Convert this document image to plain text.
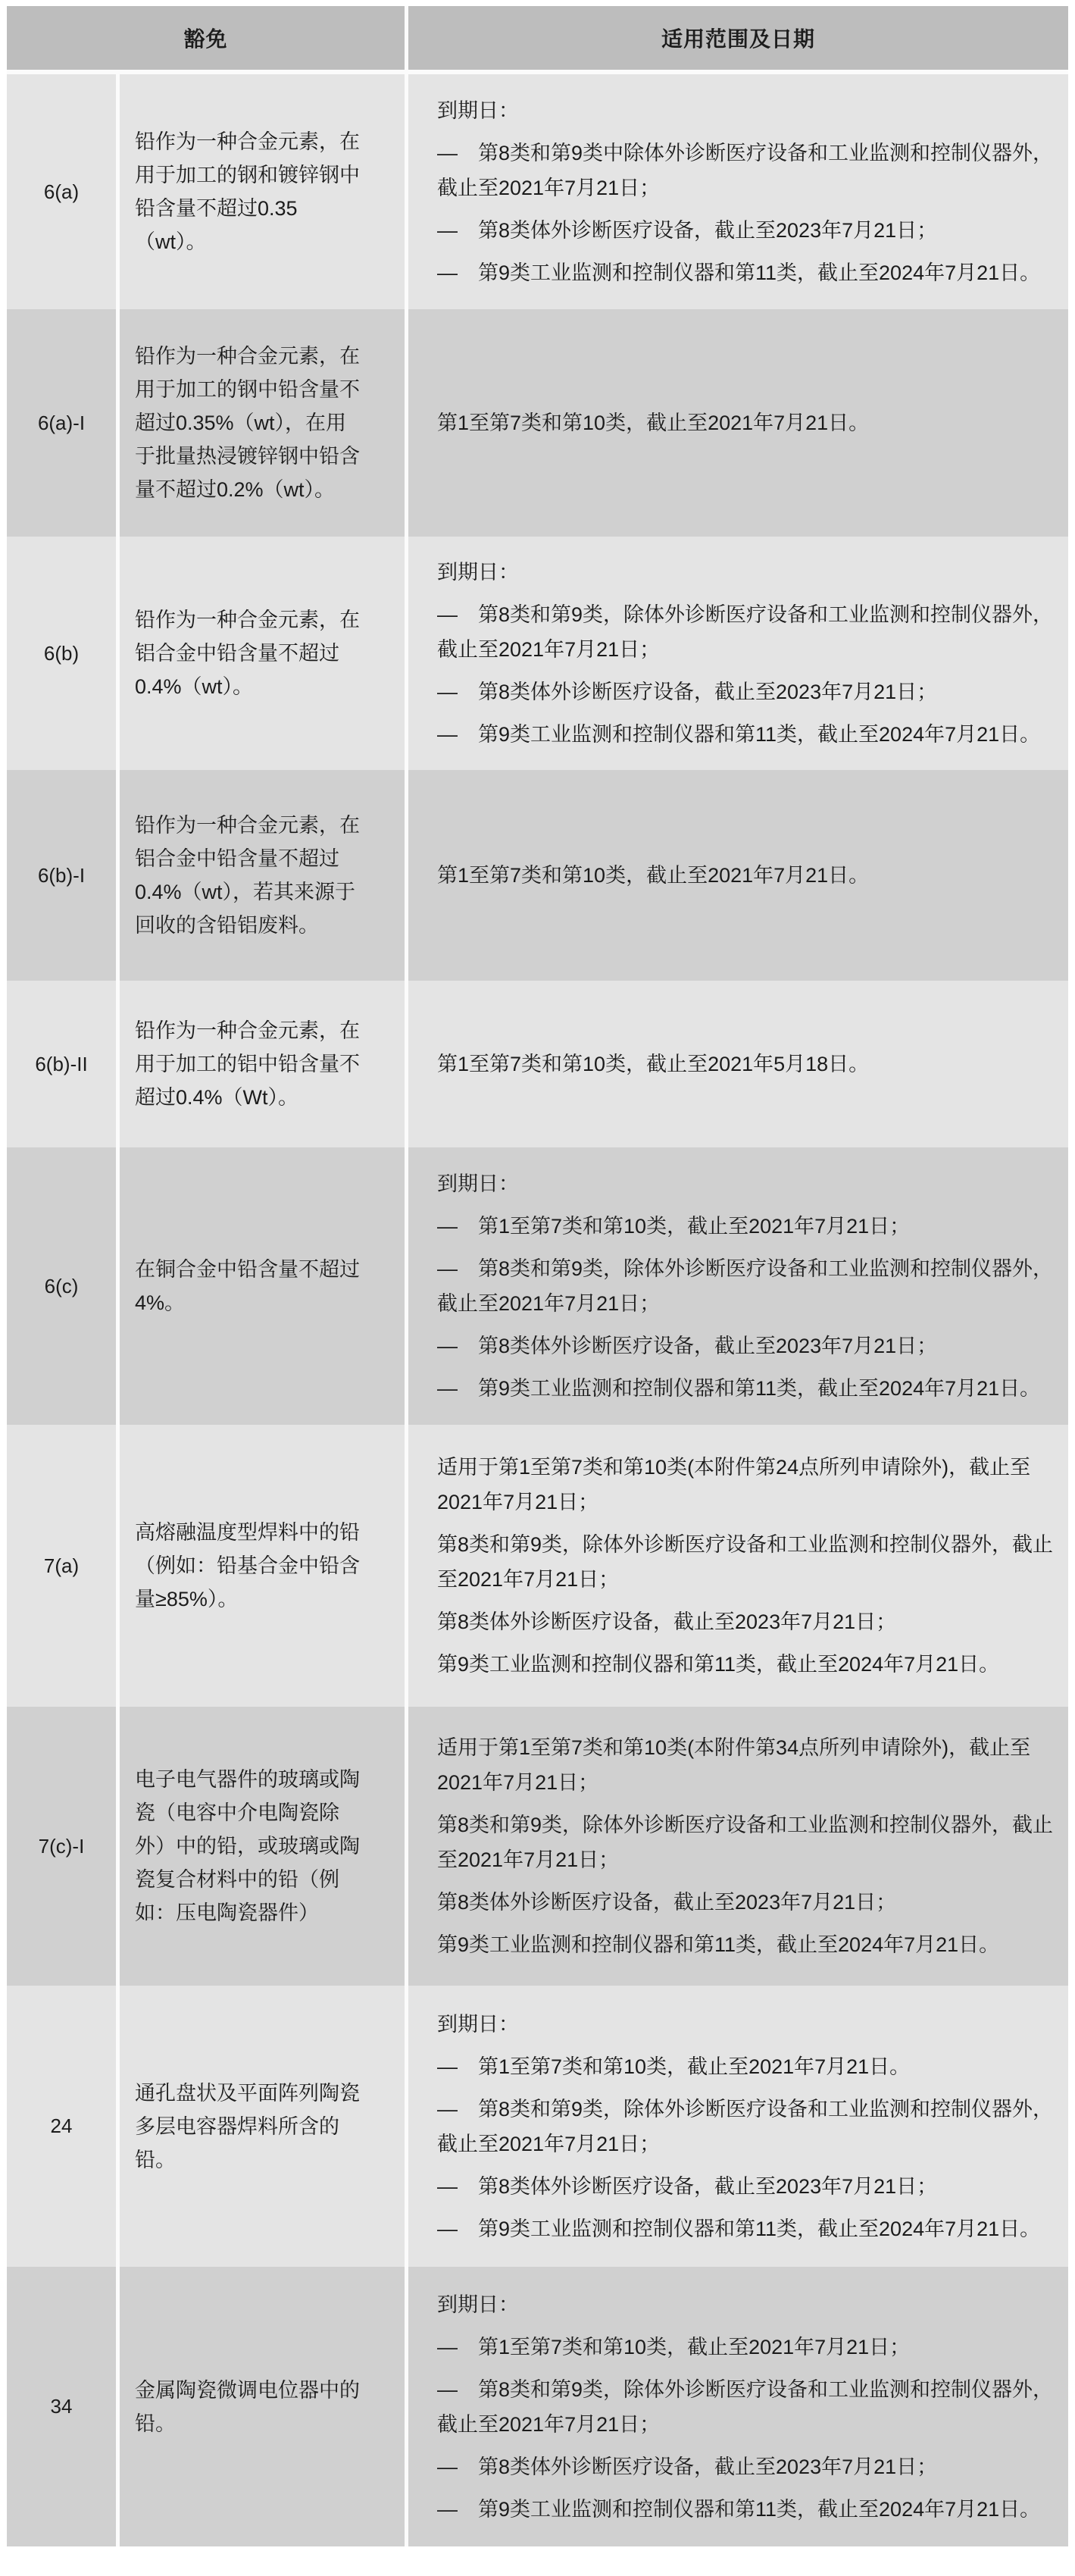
豁免	适用范围及日期
6(a)

铅作为一种合金元素，在用于加工的钢和镀锌钢中铅含量不超过0.35（wt）。

到期日：

—　第8类和第9类中除体外诊断医疗设备和工业监测和控制仪器外，截止至2021年7月21日；

—　第8类体外诊断医疗设备，截止至2023年7月21日；

—　第9类工业监测和控制仪器和第11类，截止至2024年7月21日。

6(a)-I

铅作为一种合金元素，在用于加工的钢中铅含量不超过0.35%（wt），在用于批量热浸镀锌钢中铅含量不超过0.2%（wt）。

第1至第7类和第10类，截止至2021年7月21日。

6(b)

铅作为一种合金元素，在铝合金中铅含量不超过0.4%（wt）。

到期日：

—　第8类和第9类，除体外诊断医疗设备和工业监测和控制仪器外，截止至2021年7月21日；

—　第8类体外诊断医疗设备，截止至2023年7月21日；

—　第9类工业监测和控制仪器和第11类，截止至2024年7月21日。

6(b)-I

铅作为一种合金元素，在铝合金中铅含量不超过0.4%（wt），若其来源于回收的含铅铝废料。

第1至第7类和第10类，截止至2021年7月21日。

6(b)-II

铅作为一种合金元素，在用于加工的铝中铅含量不超过0.4%（Wt）。

第1至第7类和第10类，截止至2021年5月18日。

6(c)

在铜合金中铅含量不超过4%。

到期日：

—　第1至第7类和第10类，截止至2021年7月21日；

—　第8类和第9类，除体外诊断医疗设备和工业监测和控制仪器外，截止至2021年7月21日；

—　第8类体外诊断医疗设备，截止至2023年7月21日；

—　第9类工业监测和控制仪器和第11类，截止至2024年7月21日。

7(a)

高熔融温度型焊料中的铅（例如：铅基合金中铅含量≥85%）。

适用于第1至第7类和第10类(本附件第24点所列申请除外)，截止至2021年7月21日；

第8类和第9类，除体外诊断医疗设备和工业监测和控制仪器外，截止至2021年7月21日；

第8类体外诊断医疗设备，截止至2023年7月21日；

第9类工业监测和控制仪器和第11类，截止至2024年7月21日。

7(c)-I

电子电气器件的玻璃或陶瓷（电容中介电陶瓷除外）中的铅，或玻璃或陶瓷复合材料中的铅（例如：压电陶瓷器件）

适用于第1至第7类和第10类(本附件第34点所列申请除外)，截止至2021年7月21日；

第8类和第9类，除体外诊断医疗设备和工业监测和控制仪器外，截止至2021年7月21日；

第8类体外诊断医疗设备，截止至2023年7月21日；

第9类工业监测和控制仪器和第11类，截止至2024年7月21日。

24

通孔盘状及平面阵列陶瓷多层电容器焊料所含的铅。

到期日：

—　第1至第7类和第10类，截止至2021年7月21日。

—　第8类和第9类，除体外诊断医疗设备和工业监测和控制仪器外，截止至2021年7月21日；

—　第8类体外诊断医疗设备，截止至2023年7月21日；

—　第9类工业监测和控制仪器和第11类，截止至2024年7月21日。

34

金属陶瓷微调电位器中的铅。

到期日：

—　第1至第7类和第10类，截止至2021年7月21日；

—　第8类和第9类，除体外诊断医疗设备和工业监测和控制仪器外，截止至2021年7月21日；

—　第8类体外诊断医疗设备，截止至2023年7月21日；

—　第9类工业监测和控制仪器和第11类，截止至2024年7月21日。
